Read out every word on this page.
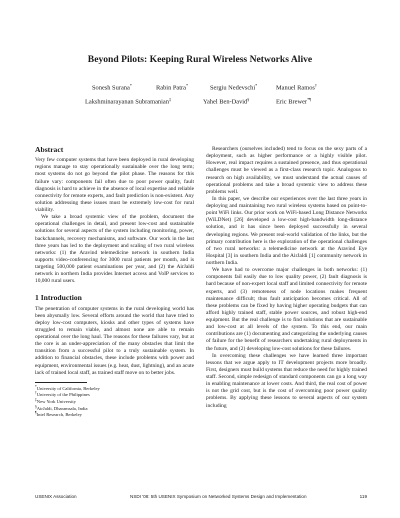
Beyond Pilots: Keeping Rural Wireless Networks Alive
Sonesh Surana*	Rabin Patra*	Sergiu Nedevschi*	Manuel Ramos†
Lakshminarayanan Subramanian‡	Yahel Ben-David§	Eric Brewer*¶
Abstract

Very few computer systems that have been deployed in rural developing regions manage to stay operationally sustainable over the long term; most systems do not go beyond the pilot phase. The reasons for this failure vary: components fail often due to poor power quality, fault diagnosis is hard to achieve in the absence of local expertise and reliable connectivity for remote experts, and fault prediction is non-existent. Any solution addressing these issues must be extremely low-cost for rural viability.

We take a broad systemic view of the problem, document the operational challenges in detail, and present low-cost and sustainable solutions for several aspects of the system including monitoring, power, backchannels, recovery mechanisms, and software. Our work in the last three years has led to the deployment and scaling of two rural wireless networks: (1) the Aravind telemedicine network in southern India supports video-conferencing for 3000 rural patients per month, and is targeting 500,000 patient examinations per year, and (2) the AirJaldi network in northern India provides Internet access and VoIP services to 10,000 rural users.

1 Introduction

The penetration of computer systems in the rural developing world has been abysmally low. Several efforts around the world that have tried to deploy low-cost computers, kiosks and other types of systems have struggled to remain viable, and almost none are able to remain operational over the long haul. The reasons for these failures vary, but at the core is an under-appreciation of the many obstacles that limit the transition from a successful pilot to a truly sustainable system. In addition to financial obstacles, these include problems with power and equipment, environmental issues (e.g. heat, dust, lightning), and an acute lack of trained local staff, as trained staff move on to better jobs.

*University of California, Berkeley

†University of the Philippines

‡New York University

§AirJaldi, Dharamsala, India

¶Intel Research, Berkeley

Researchers (ourselves included) tend to focus on the sexy parts of a deployment, such as higher performance or a highly visible pilot. However, real impact requires a sustained presence, and thus operational challenges must be viewed as a first-class research topic. Analogous to research on high availability, we must understand the actual causes of operational problems and take a broad systemic view to address these problems well.

In this paper, we describe our experiences over the last three years in deploying and maintaining two rural wireless systems based on point-to-point WiFi links. Our prior work on WiFi-based Long Distance Networks (WiLDNet) [26] developed a low-cost high-bandwidth long-distance solution, and it has since been deployed successfully in several developing regions. We present real-world validation of the links, but the primary contribution here is the exploration of the operational challenges of two rural networks: a telemedicine network at the Aravind Eye Hospital [3] in southern India and the AirJaldi [1] community network in northern India.

We have had to overcome major challenges in both networks: (1) components fail easily due to low quality power, (2) fault diagnosis is hard because of non-expert local staff and limited connectivity for remote experts, and (3) remoteness of node locations makes frequent maintenance difficult; thus fault anticipation becomes critical. All of these problems can be fixed by having higher operating budgets that can afford highly trained staff, stable power sources, and robust high-end equipment. But the real challenge is to find solutions that are sustainable and low-cost at all levels of the system. To this end, our main contributions are (1) documenting and categorizing the underlying causes of failure for the benefit of researchers undertaking rural deployments in the future, and (2) developing low-cost solutions for these failures.

In overcoming these challenges we have learned three important lessons that we argue apply to IT development projects more broadly. First, designers must build systems that reduce the need for highly trained staff. Second, simple redesign of standard components can go a long way in enabling maintenance at lower costs. And third, the real cost of power is not the grid cost, but is the cost of overcoming poor power quality problems. By applying these lessons to several aspects of our system including

USENIX Association	NSDI '08: 5th USENIX Symposium on Networked Systems Design and Implementation	119
